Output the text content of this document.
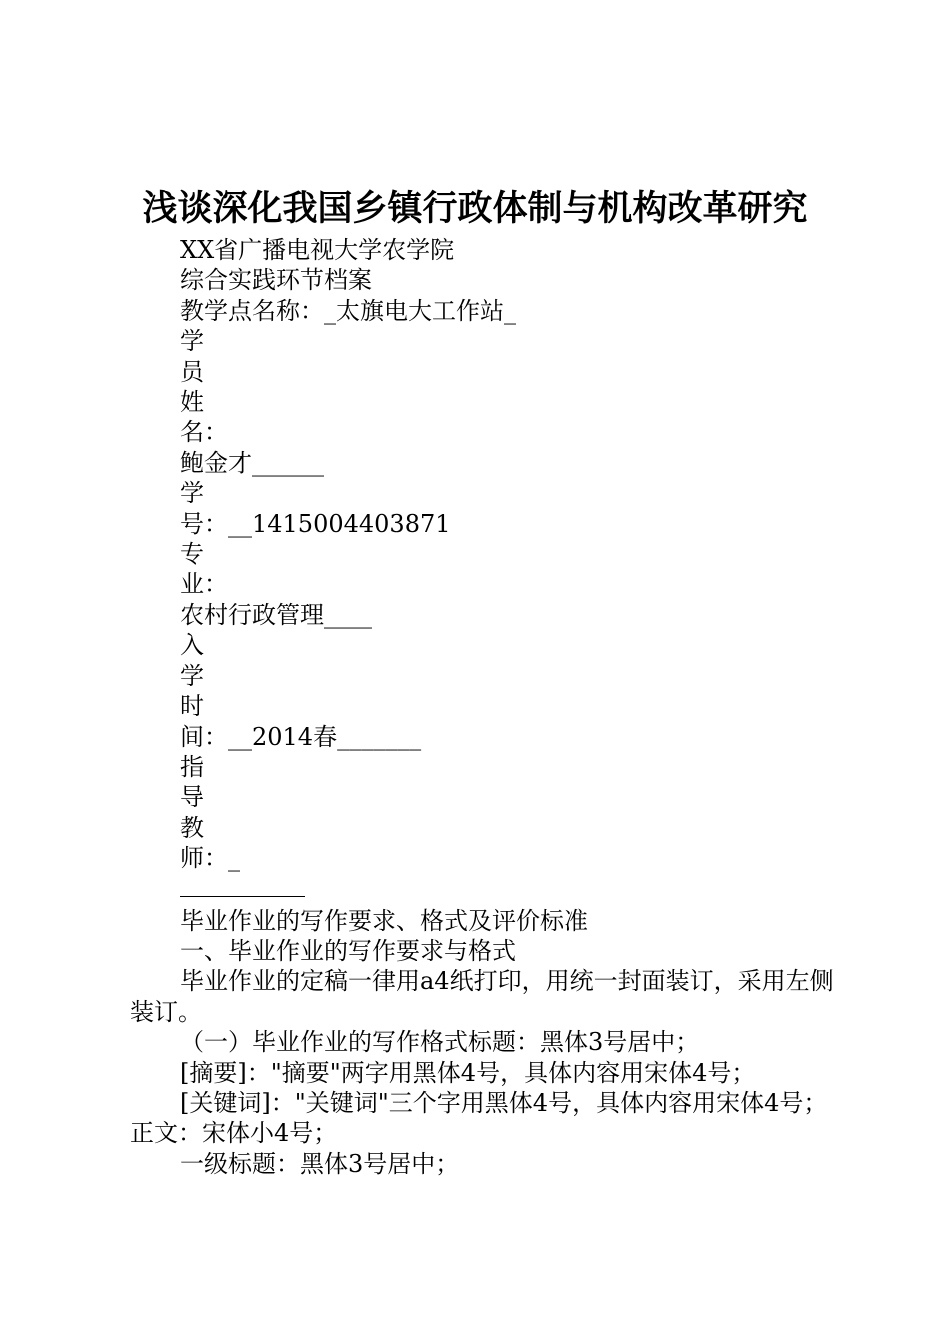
浅谈深化我国乡镇行政体制与机构改革研究
XX省广播电视大学农学院
综合实践环节档案
教学点名称：_太旗电大工作站_
学
员
姓
名：
鲍金才______
学
号：__1415004403871
专
业：
农村行政管理____
入
学
时
间：__2014春_______
指
导
教
师：_
毕业作业的写作要求、格式及评价标准
一、毕业作业的写作要求与格式
毕业作业的定稿一律用a4纸打印，用统一封面装订，采用左侧装订。
（一）毕业作业的写作格式标题：黑体3号居中；
[摘要]："摘要"两字用黑体4号，具体内容用宋体4号；
[关键词]："关键词"三个字用黑体4号，具体内容用宋体4号；正文：宋体小4号；
一级标题：黑体3号居中；
